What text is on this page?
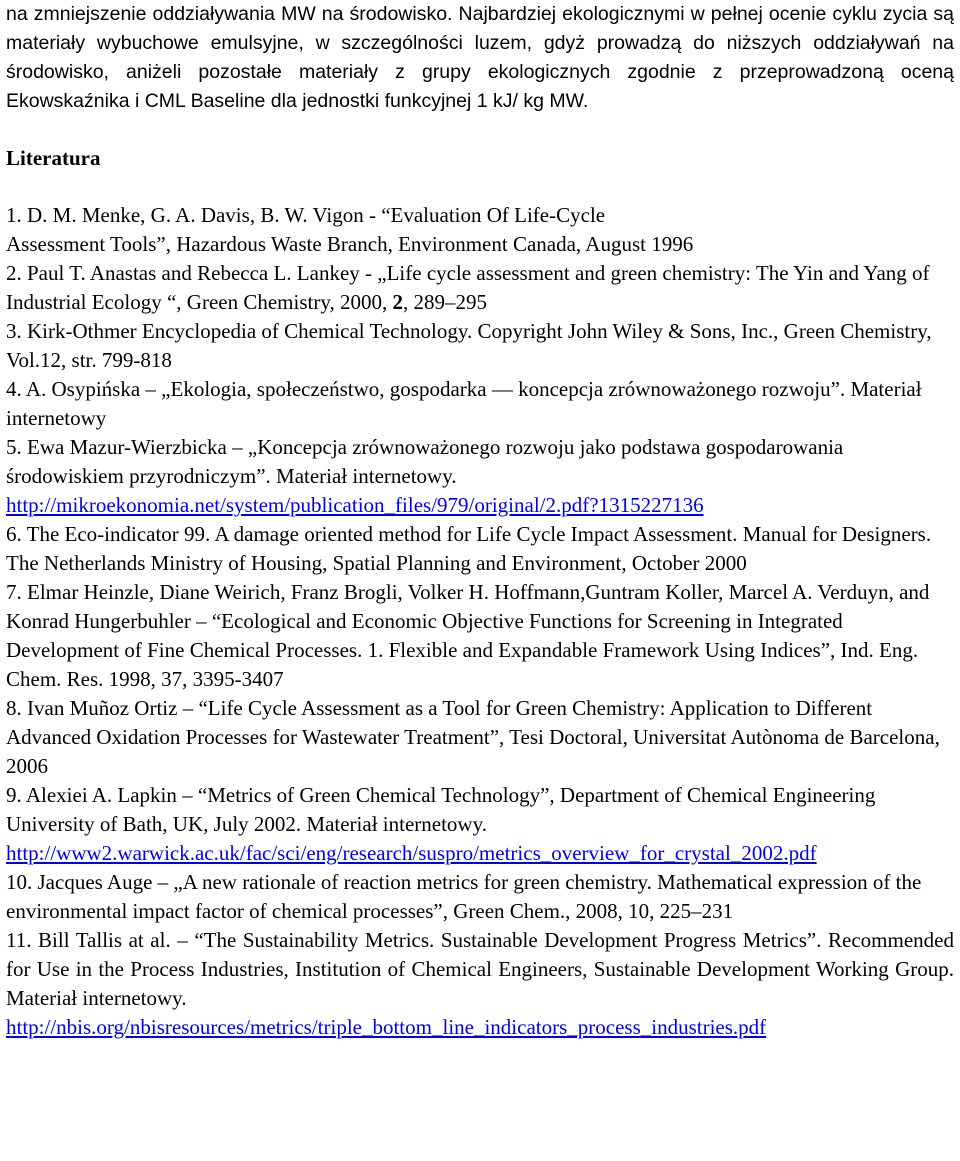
na zmniejszenie oddziaływania MW na środowisko. Najbardziej ekologicznymi w pełnej ocenie cyklu zycia są materiały wybuchowe emulsyjne, w szczególności luzem, gdyż prowadzą do niższych oddziaływań na środowisko, aniżeli pozostałe materiały z grupy ekologicznych zgodnie z przeprowadzoną oceną Ekowskaźnika i CML Baseline dla jednostki funkcyjnej 1 kJ/ kg MW.

Literatura
1. D. M. Menke, G. A. Davis, B. W. Vigon - “Evaluation Of Life-Cycle
Assessment Tools”, Hazardous Waste Branch, Environment Canada, August 1996
2. Paul T. Anastas and Rebecca L. Lankey - „Life cycle assessment and green chemistry: The Yin and Yang of Industrial Ecology “, Green Chemistry, 2000, 2, 289–295
3. Kirk-Othmer Encyclopedia of Chemical Technology. Copyright John Wiley & Sons, Inc., Green Chemistry, Vol.12, str. 799-818
4. A. Osypińska – „Ekologia, społeczeństwo, gospodarka — koncepcja zrównoważonego rozwoju”. Materiał internetowy
5. Ewa Mazur-Wierzbicka – „Koncepcja zrównoważonego rozwoju jako podstawa gospodarowania środowiskiem przyrodniczym”. Materiał internetowy.
http://mikroekonomia.net/system/publication_files/979/original/2.pdf?1315227136
6. The Eco-indicator 99. A damage oriented method for Life Cycle Impact Assessment. Manual for Designers. The Netherlands Ministry of Housing, Spatial Planning and Environment, October 2000
7. Elmar Heinzle, Diane Weirich, Franz Brogli, Volker H. Hoffmann,Guntram Koller, Marcel A. Verduyn, and Konrad Hungerbuhler – “Ecological and Economic Objective Functions for Screening in Integrated Development of Fine Chemical Processes. 1. Flexible and Expandable Framework Using Indices”, Ind. Eng. Chem. Res. 1998, 37, 3395-3407
8. Ivan Muñoz Ortiz – “Life Cycle Assessment as a Tool for Green Chemistry: Application to Different Advanced Oxidation Processes for Wastewater Treatment”, Tesi Doctoral, Universitat Autònoma de Barcelona, 2006
9. Alexiei A. Lapkin – “Metrics of Green Chemical Technology”, Department of Chemical Engineering University of Bath, UK, July 2002. Materiał internetowy.
http://www2.warwick.ac.uk/fac/sci/eng/research/suspro/metrics_overview_for_crystal_2002.pdf
10. Jacques Auge – „A new rationale of reaction metrics for green chemistry. Mathematical expression of the environmental impact factor of chemical processes”, Green Chem., 2008, 10, 225–231
11. Bill Tallis at al. – “The Sustainability Metrics. Sustainable Development Progress Metrics”. Recommended for Use in the Process Industries, Institution of Chemical Engineers, Sustainable Development Working Group. Materiał internetowy.
http://nbis.org/nbisresources/metrics/triple_bottom_line_indicators_process_industries.pdf
